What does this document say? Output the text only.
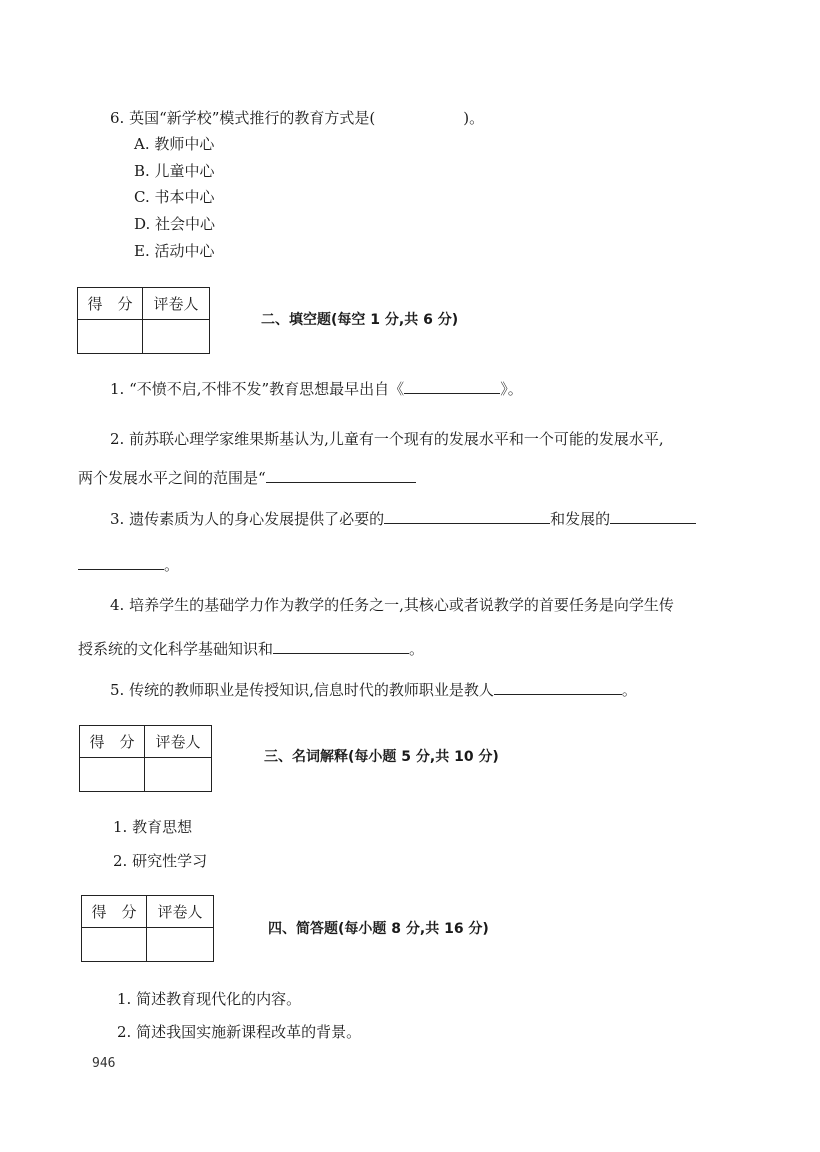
6. 英国“新学校”模式推行的教育方式是(	)。
A. 教师中心
B. 儿童中心
C. 书本中心
D. 社会中心
E. 活动中心
得　分	评卷人

二、填空题(每空 1 分,共 6 分)
1. “不愤不启,不悱不发”教育思想最早出自《	》。
2. 前苏联心理学家维果斯基认为,儿童有一个现有的发展水平和一个可能的发展水平,
两个发展水平之间的范围是“
3. 遗传素质为人的身心发展提供了必要的	和发展的
。
4. 培养学生的基础学力作为教学的任务之一,其核心或者说教学的首要任务是向学生传
授系统的文化科学基础知识和	。
5. 传统的教师职业是传授知识,信息时代的教师职业是教人	。
得　分	评卷人

三、名词解释(每小题 5 分,共 10 分)
1. 教育思想
2. 研究性学习
得　分	评卷人

四、简答题(每小题 8 分,共 16 分)
1. 简述教育现代化的内容。
2. 简述我国实施新课程改革的背景。
946
